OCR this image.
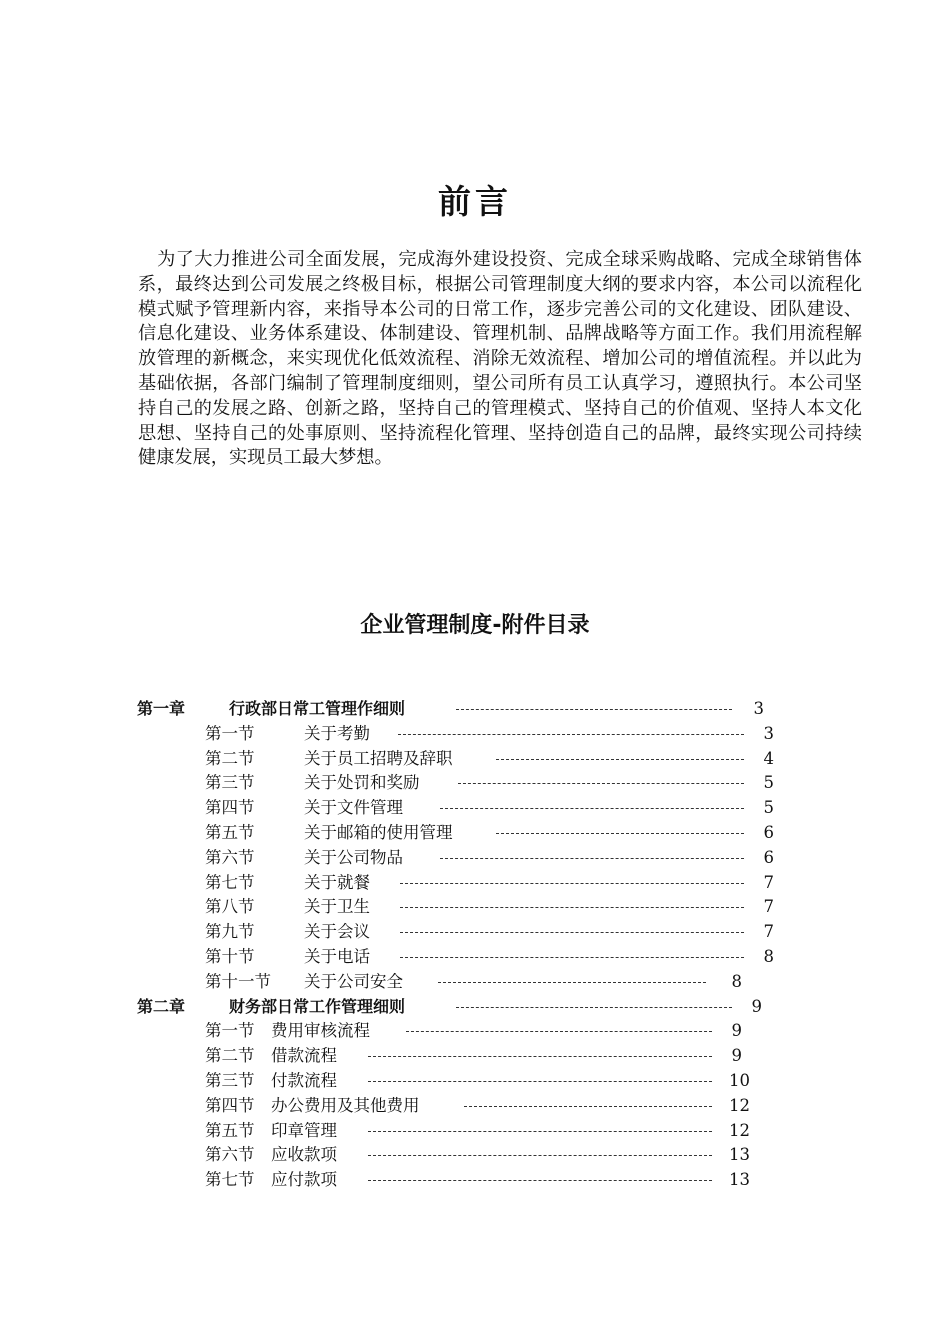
前言

为了大力推进公司全面发展，完成海外建设投资、完成全球采购战略、完成全球销售体系，最终达到公司发展之终极目标，根据公司管理制度大纲的要求内容，本公司以流程化模式赋予管理新内容，来指导本公司的日常工作，逐步完善公司的文化建设、团队建设、信息化建设、业务体系建设、体制建设、管理机制、品牌战略等方面工作。我们用流程解放管理的新概念，来实现优化低效流程、消除无效流程、增加公司的增值流程。并以此为基础依据，各部门编制了管理制度细则，望公司所有员工认真学习，遵照执行。本公司坚持自己的发展之路、创新之路，坚持自己的管理模式、坚持自己的价值观、坚持人本文化思想、坚持自己的处事原则、坚持流程化管理、坚持创造自己的品牌，最终实现公司持续健康发展，实现员工最大梦想。

企业管理制度-附件目录
第一章	行政部日常工管理作细则	3
第一节	关于考勤	3
第二节	关于员工招聘及辞职	4
第三节	关于处罚和奖励	5
第四节	关于文件管理	5
第五节	关于邮箱的使用管理	6
第六节	关于公司物品	6
第七节	关于就餐	7
第八节	关于卫生	7
第九节	关于会议	7
第十节	关于电话	8
第十一节 关于公司安全	8
第二章	财务部日常工作管理细则	9
第一节 费用审核流程	9
第二节 借款流程	9
第三节 付款流程	10
第四节 办公费用及其他费用	12
第五节 印章管理	12
第六节 应收款项	13
第七节 应付款项	13
